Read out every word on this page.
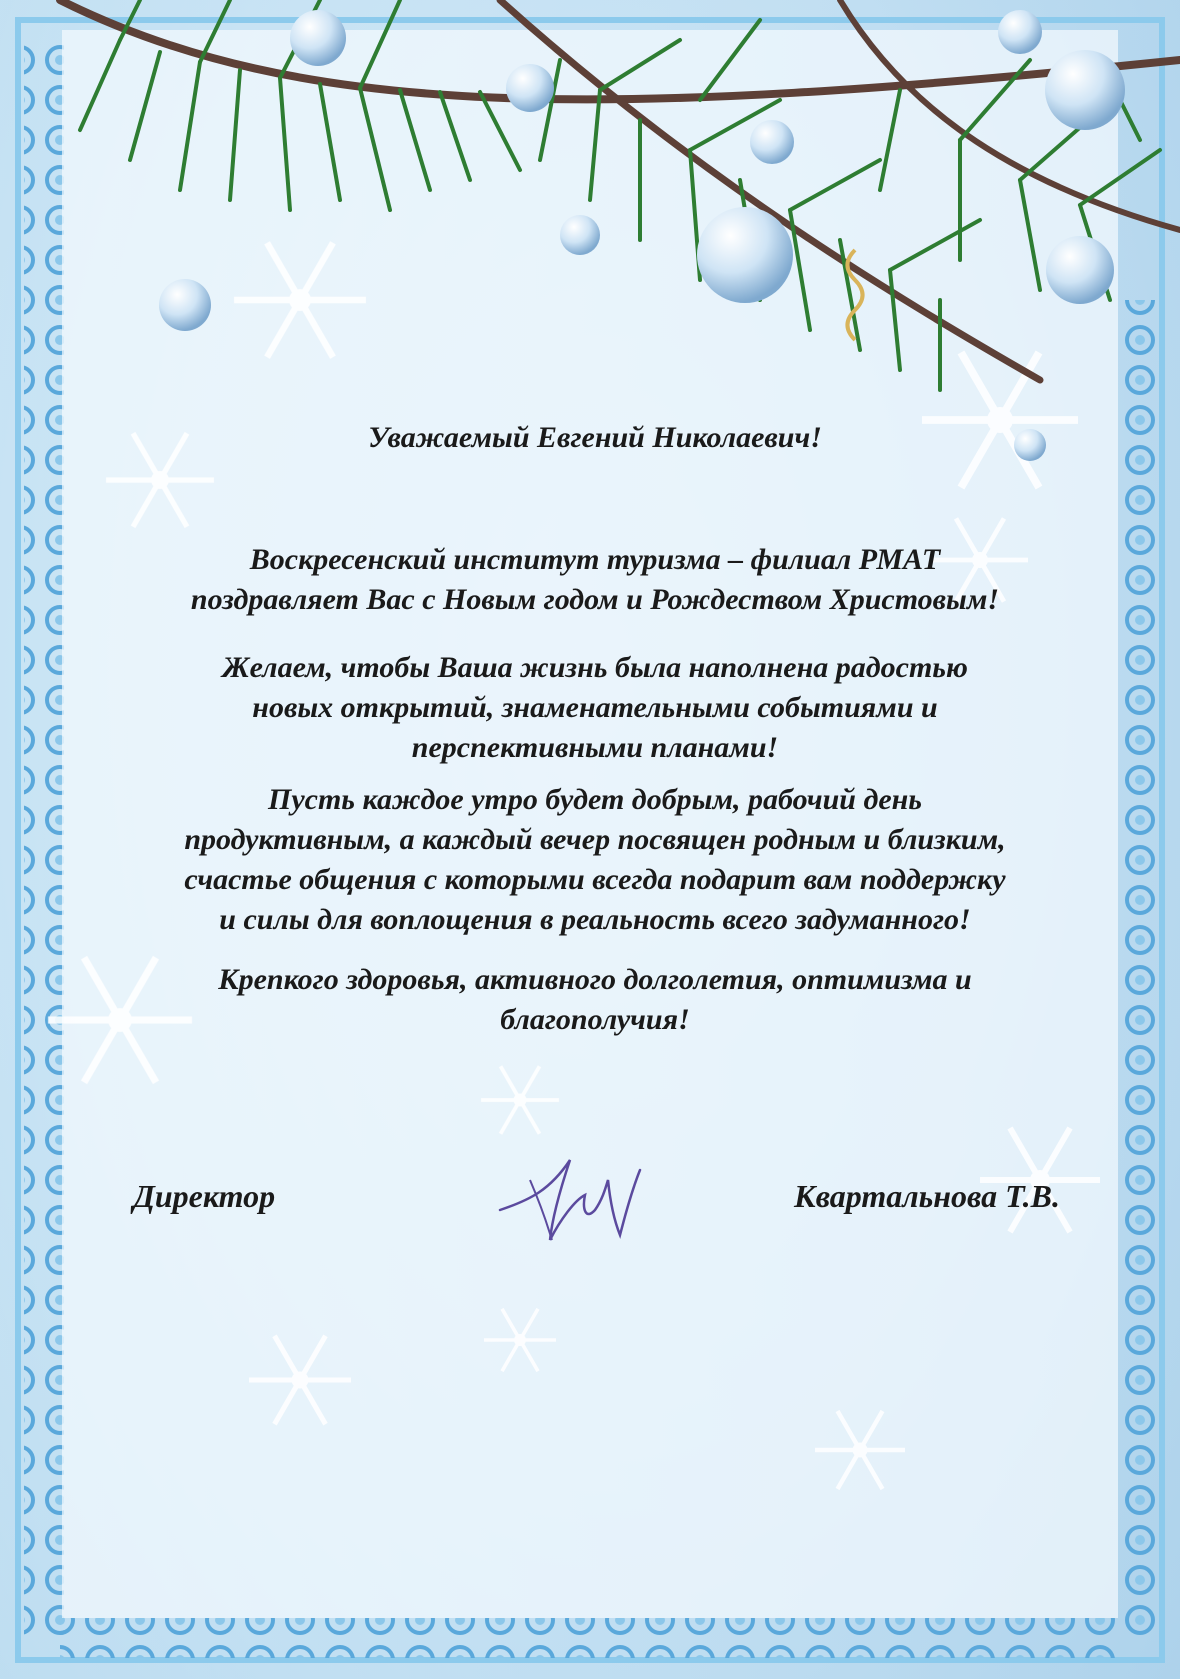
Уважаемый Евгений Николаевич!
Воскресенский институт туризма – филиал РМАТ
поздравляет Вас с Новым годом и Рождеством Христовым!
Желаем, чтобы Ваша жизнь была наполнена радостью
новых открытий, знаменательными событиями и
перспективными планами!
Пусть каждое утро будет добрым, рабочий день
продуктивным, а каждый вечер посвящен родным и близким,
счастье общения с которыми всегда подарит вам поддержку
и силы для воплощения в реальность всего задуманного!
Крепкого здоровья, активного долголетия, оптимизма и
благополучия!
Директор	Квартальнова Т.В.
